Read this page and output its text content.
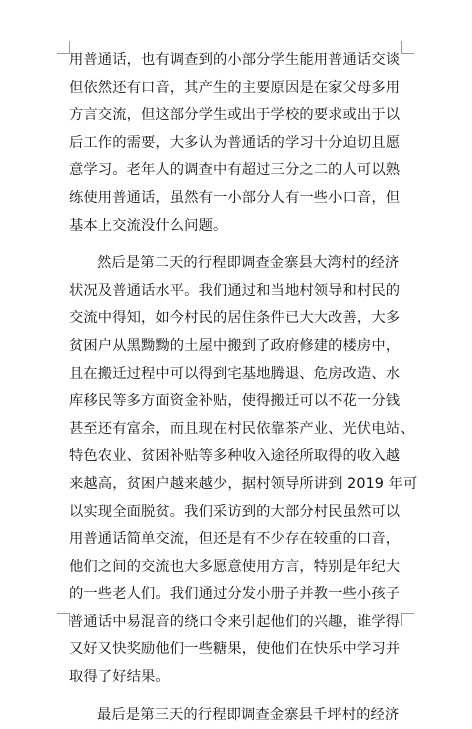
用普通话，也有调查到的小部分学生能用普通话交谈
但依然还有口音，其产生的主要原因是在家父母多用
方言交流，但这部分学生或出于学校的要求或出于以
后工作的需要，大多认为普通话的学习十分迫切且愿
意学习。老年人的调查中有超过三分之二的人可以熟
练使用普通话，虽然有一小部分人有一些小口音，但
基本上交流没什么问题。

然后是第二天的行程即调查金寨县大湾村的经济
状况及普通话水平。我们通过和当地村领导和村民的
交流中得知，如今村民的居住条件已大大改善，大多
贫困户从黑黝黝的土屋中搬到了政府修建的楼房中，
且在搬迁过程中可以得到宅基地腾退、危房改造、水
库移民等多方面资金补贴，使得搬迁可以不花一分钱
甚至还有富余，而且现在村民依靠茶产业、光伏电站、
特色农业、贫困补贴等多种收入途径所取得的收入越
来越高，贫困户越来越少，据村领导所讲到 2019 年可
以实现全面脱贫。我们采访到的大部分村民虽然可以
用普通话简单交流，但还是有不少存在较重的口音，
他们之间的交流也大多愿意使用方言，特别是年纪大
的一些老人们。我们通过分发小册子并教一些小孩子
普通话中易混音的绕口令来引起他们的兴趣，谁学得
又好又快奖励他们一些糖果，使他们在快乐中学习并
取得了好结果。

最后是第三天的行程即调查金寨县千坪村的经济
